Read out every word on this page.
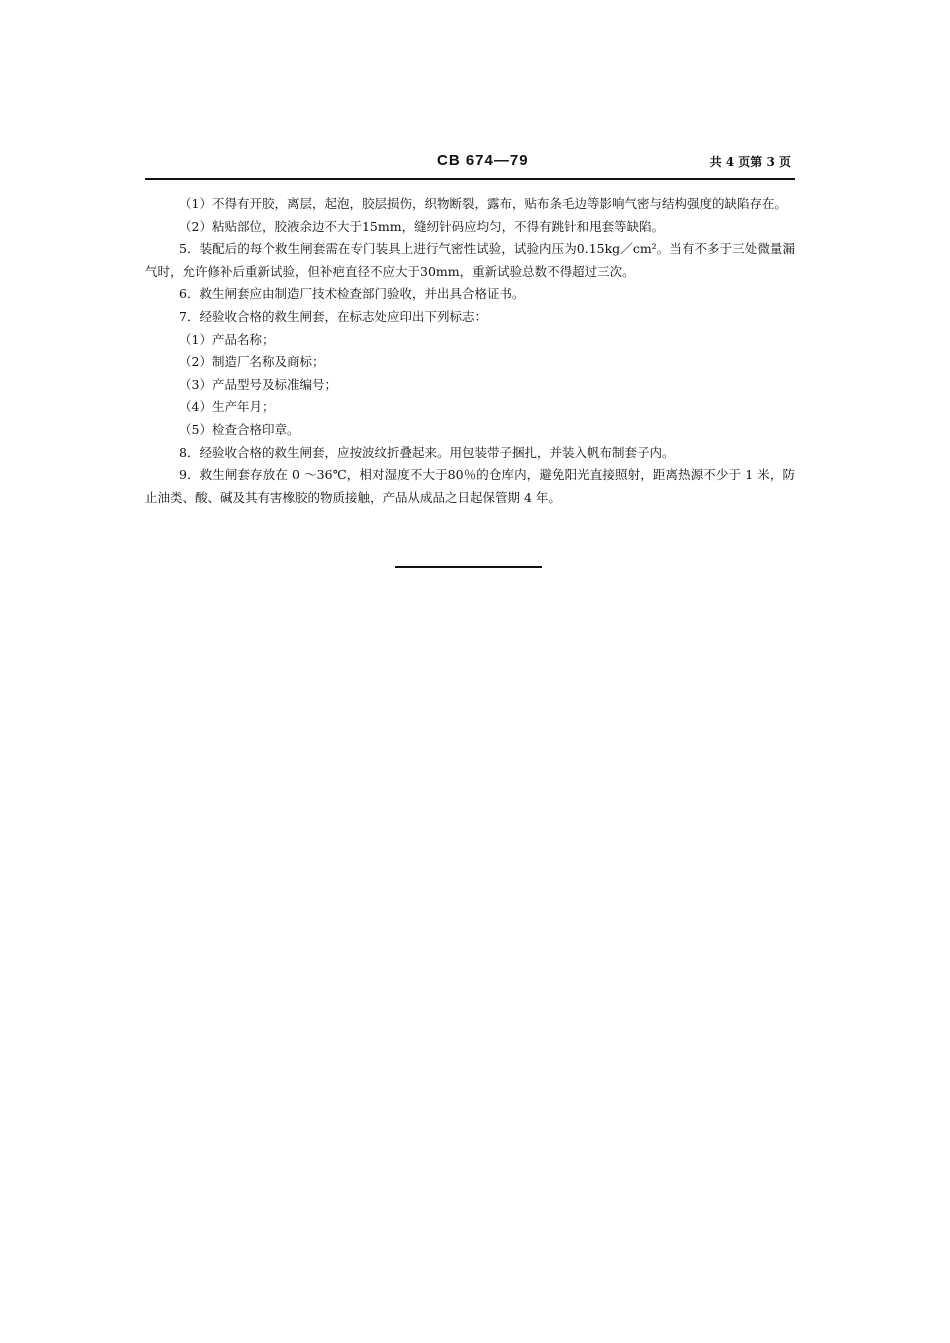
CB 674—79	共 4 页第 3 页

（1）不得有开胶，离层，起泡，胶层损伤，织物断裂，露布，贴布条毛边等影响气密与结构强度的缺陷存在。

（2）粘贴部位，胶液余边不大于15mm，缝纫针码应均匀，不得有跳针和甩套等缺陷。

5．装配后的每个救生闸套需在专门装具上进行气密性试验，试验内压为0.15kg／cm²。当有不多于三处微量漏气时，允许修补后重新试验，但补疤直径不应大于30mm，重新试验总数不得超过三次。

6．救生闸套应由制造厂技术检查部门验收，并出具合格证书。

7．经验收合格的救生闸套，在标志处应印出下列标志：

（1）产品名称；

（2）制造厂名称及商标；

（3）产品型号及标准编号；

（4）生产年月；

（5）检查合格印章。

8．经验收合格的救生闸套，应按波纹折叠起来。用包装带子捆扎，并装入帆布制套子内。

9．救生闸套存放在 0 ～36℃，相对湿度不大于80％的仓库内，避免阳光直接照射，距离热源不少于 1 米，防止油类、酸、碱及其有害橡胶的物质接触，产品从成品之日起保管期 4 年。
